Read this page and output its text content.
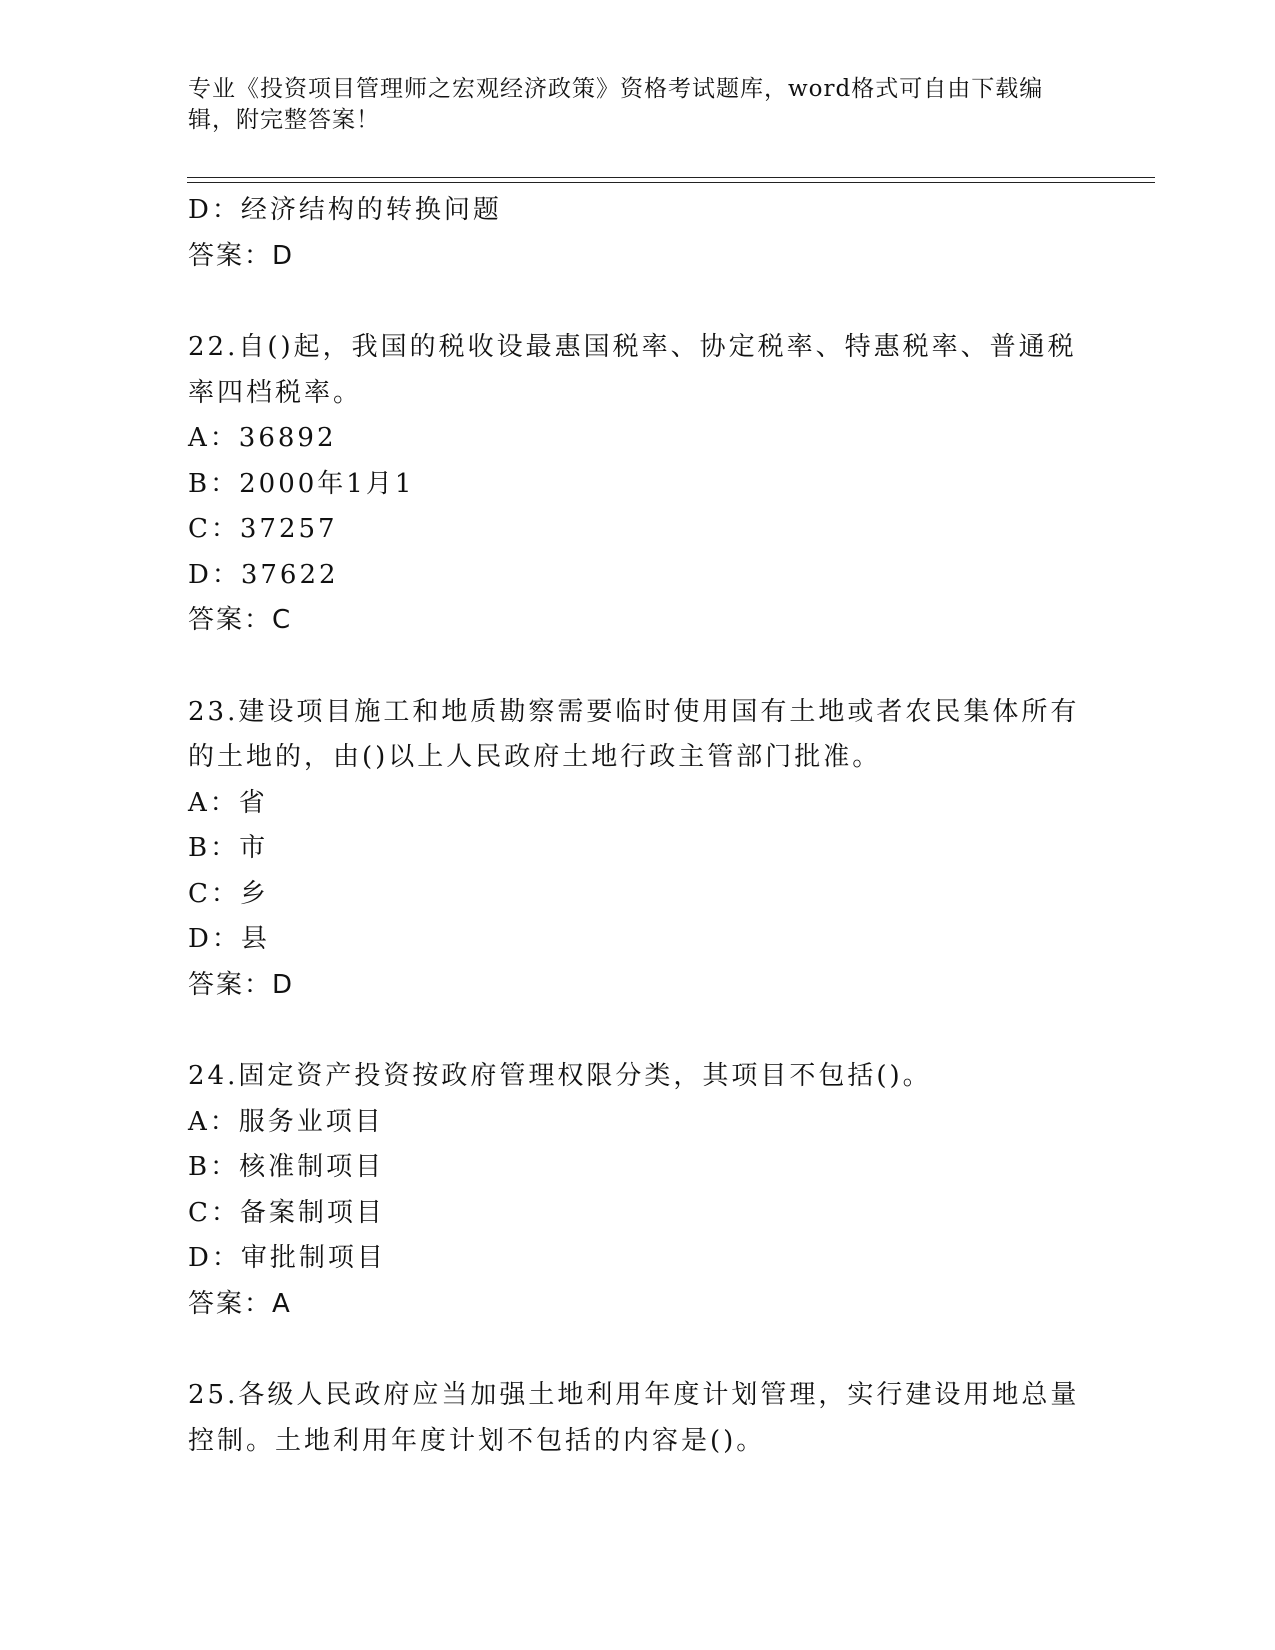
专业《投资项目管理师之宏观经济政策》资格考试题库，word格式可自由下载编
辑，附完整答案！
D：经济结构的转换问题
答案：D
22.自()起，我国的税收设最惠国税率、协定税率、特惠税率、普通税
率四档税率。
A：36892
B：2000年1月1
C：37257
D：37622
答案：C
23.建设项目施工和地质勘察需要临时使用国有土地或者农民集体所有
的土地的，由()以上人民政府土地行政主管部门批准。
A：省
B：市
C：乡
D：县
答案：D
24.固定资产投资按政府管理权限分类，其项目不包括()。
A：服务业项目
B：核准制项目
C：备案制项目
D：审批制项目
答案：A
25.各级人民政府应当加强土地利用年度计划管理，实行建设用地总量
控制。土地利用年度计划不包括的内容是()。
